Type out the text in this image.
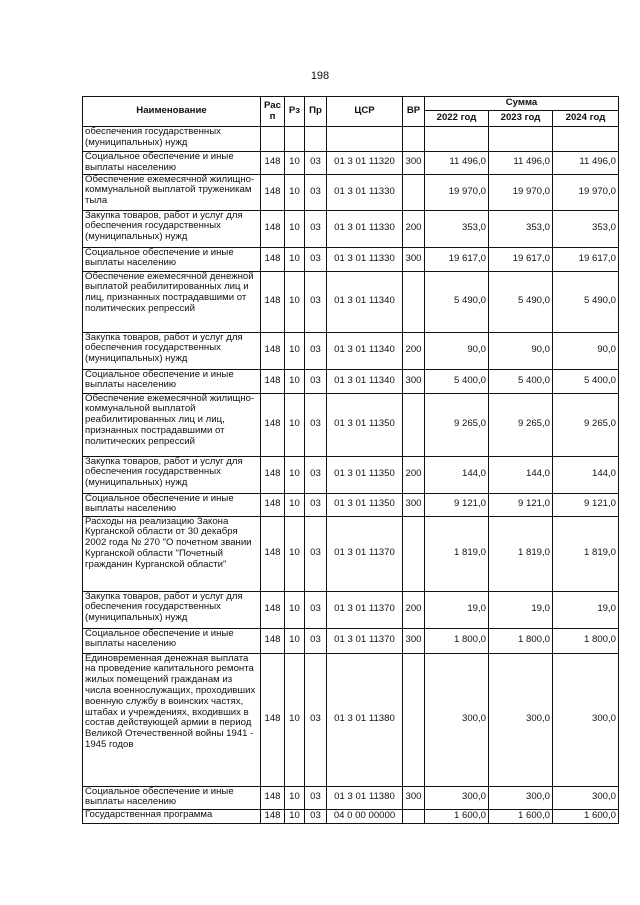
198
Наименование	Рас п	Рз	Пр	ЦСР	ВР	Сумма		
						2022 год	2023 год	2024 год
обеспечения государственных (муниципальных) нужд								
Социальное обеспечение и иные выплаты населению	148	10	03	01 3 01 11320	300	11 496,0	11 496,0	11 496,0
Обеспечение ежемесячной жилищно-коммунальной выплатой труженикам тыла	148	10	03	01 3 01 11330		19 970,0	19 970,0	19 970,0
Закупка товаров, работ и услуг для обеспечения государственных (муниципальных) нужд	148	10	03	01 3 01 11330	200	353,0	353,0	353,0
Социальное обеспечение и иные выплаты населению	148	10	03	01 3 01 11330	300	19 617,0	19 617,0	19 617,0
Обеспечение ежемесячной денежной выплатой реабилитированных лиц и лиц, признанных пострадавшими от политических репрессий	148	10	03	01 3 01 11340		5 490,0	5 490,0	5 490,0
Закупка товаров, работ и услуг для обеспечения государственных (муниципальных) нужд	148	10	03	01 3 01 11340	200	90,0	90,0	90,0
Социальное обеспечение и иные выплаты населению	148	10	03	01 3 01 11340	300	5 400,0	5 400,0	5 400,0
Обеспечение ежемесячной жилищно-коммунальной выплатой реабилитированных лиц и лиц, признанных пострадавшими от политических репрессий	148	10	03	01 3 01 11350		9 265,0	9 265,0	9 265,0
Закупка товаров, работ и услуг для обеспечения государственных (муниципальных) нужд	148	10	03	01 3 01 11350	200	144,0	144,0	144,0
Социальное обеспечение и иные выплаты населению	148	10	03	01 3 01 11350	300	9 121,0	9 121,0	9 121,0
Расходы на реализацию Закона Курганской области от 30 декабря 2002 года № 270 "О почетном звании Курганской области "Почетный гражданин Курганской области"	148	10	03	01 3 01 11370		1 819,0	1 819,0	1 819,0
Закупка товаров, работ и услуг для обеспечения государственных (муниципальных) нужд	148	10	03	01 3 01 11370	200	19,0	19,0	19,0
Социальное обеспечение и иные выплаты населению	148	10	03	01 3 01 11370	300	1 800,0	1 800,0	1 800,0
Единовременная денежная выплата на проведение капитального ремонта жилых помещений гражданам из числа военнослужащих, проходивших военную службу в воинских частях, штабах и учреждениях, входивших в состав действующей армии в период Великой Отечественной войны 1941 - 1945 годов	148	10	03	01 3 01 11380		300,0	300,0	300,0
Социальное обеспечение и иные выплаты населению	148	10	03	01 3 01 11380	300	300,0	300,0	300,0
Государственная программа	148	10	03	04 0 00 00000		1 600,0	1 600,0	1 600,0
